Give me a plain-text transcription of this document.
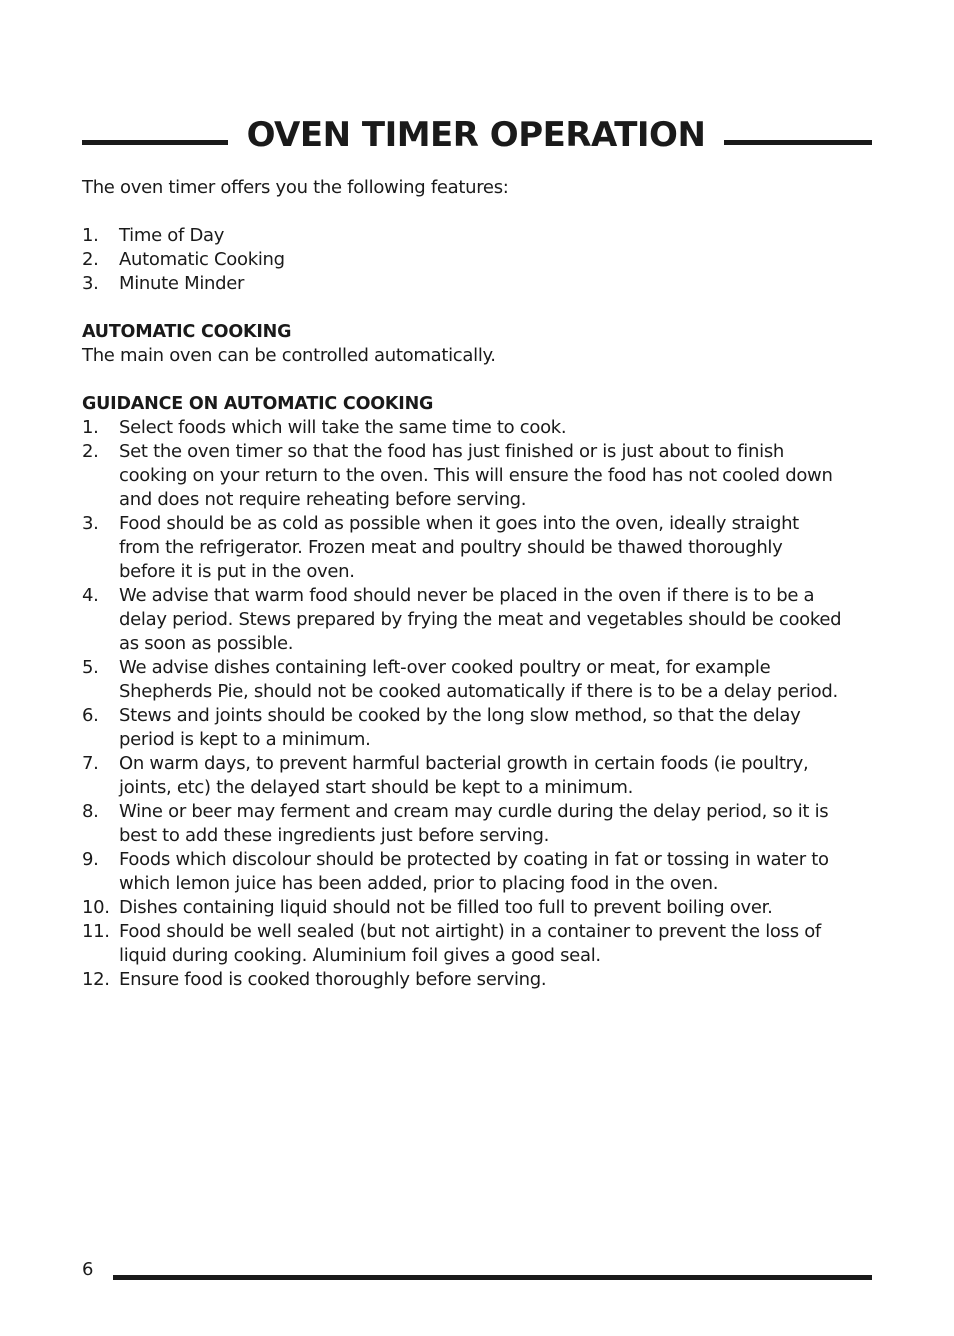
OVEN TIMER OPERATION

The oven timer offers you the following features:

1.	Time of Day
2.	Automatic Cooking
3.	Minute Minder

AUTOMATIC COOKING

The main oven can be controlled automatically.

GUIDANCE ON AUTOMATIC COOKING

1.	Select foods which will take the same time to cook.
2.	Set the oven timer so that the food has just finished or is just about to finish cooking on your return to the oven. This will ensure the food has not cooled down and does not require reheating before serving.
3.	Food should be as cold as possible when it goes into the oven, ideally straight from the refrigerator. Frozen meat and poultry should be thawed thoroughly before it is put in the oven.
4.	We advise that warm food should never be placed in the oven if there is to be a delay period. Stews prepared by frying the meat and vegetables should be cooked as soon as possible.
5.	We advise dishes containing left-over cooked poultry or meat, for example Shepherds Pie, should not be cooked automatically if there is to be a delay period.
6.	Stews and joints should be cooked by the long slow method, so that the delay period is kept to a minimum.
7.	On warm days, to prevent harmful bacterial growth in certain foods (ie poultry, joints, etc) the delayed start should be kept to a minimum.
8.	Wine or beer may ferment and cream may curdle during the delay period, so it is best to add these ingredients just before serving.
9.	Foods which discolour should be protected by coating in fat or tossing in water to which lemon juice has been added, prior to placing food in the oven.
10. Dishes containing liquid should not be filled too full to prevent boiling over.
11. Food should be well sealed (but not airtight) in a container to prevent the loss of liquid during cooking. Aluminium foil gives a good seal.
12. Ensure food is cooked thoroughly before serving.
6
